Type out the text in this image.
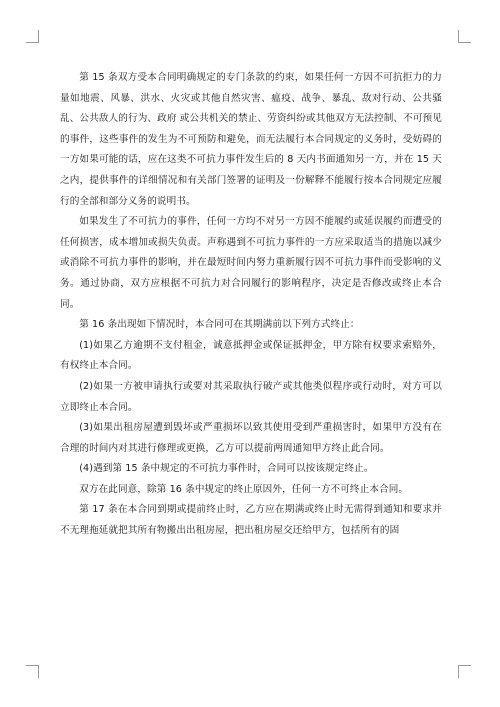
第 15 条双方受本合同明确规定的专门条款的约束，如果任何一方因不可抗拒力的力量如地震、风暴、洪水、火灾或其他自然灾害、瘟疫、战争、暴乱、敌对行动、公共骚乱、公共敌人的行为、政府 或公共机关的禁止、劳资纠纷或其他双方无法控制、不可预见的事件，这些事件的发生为不可预防和避免，而无法履行本合同规定的义务时，受妨碍的一方如果可能的话，应在这类不可抗力事件发生后的 8 天内书面通知另一方，并在 15 天之内，提供事件的详细情况和有关部门签署的证明及一份解释不能履行按本合同规定应履行的全部和部分义务的说明书。

如果发生了不可抗力的事件，任何一方均不对另一方因不能履约或延误履约而遭受的任何损害，成本增加或损失负责。声称遇到不可抗力事件的一方应采取适当的措施以减少或消除不可抗力事件的影响，并在最短时间内努力重新履行因不可抗力事件而受影响的义务。通过协商，双方应根据不可抗力对合同履行的影响程序，决定是否修改或终止本合同。

第 16 条出现如下情况时，本合同可在其期满前以下列方式终止：

(1)如果乙方逾期不支付租金，诚意抵押金或保证抵押金，甲方除有权要求索赔外，有权终止本合同。

(2)如果一方被申请执行或要对其采取执行破产或其他类似程序或行动时，对方可以立即终止本合同。

(3)如果出租房屋遭到毁坏或严重损坏以致其使用受到严重损害时，如果甲方没有在合理的时间内对其进行修理或更换，乙方可以提前两周通知甲方终止此合同。

(4)遇到第 15 条中规定的不可抗力事件时，合同可以按该规定终止。

双方在此同意，除第 16 条中规定的终止原因外，任何一方不可终止本合同。

第 17 条在本合同到期或提前终止时，乙方应在期满或终止时无需得到通知和要求并不无理拖延就把其所有物搬出出租房屋，把出租房屋交还给甲方，包括所有的固
